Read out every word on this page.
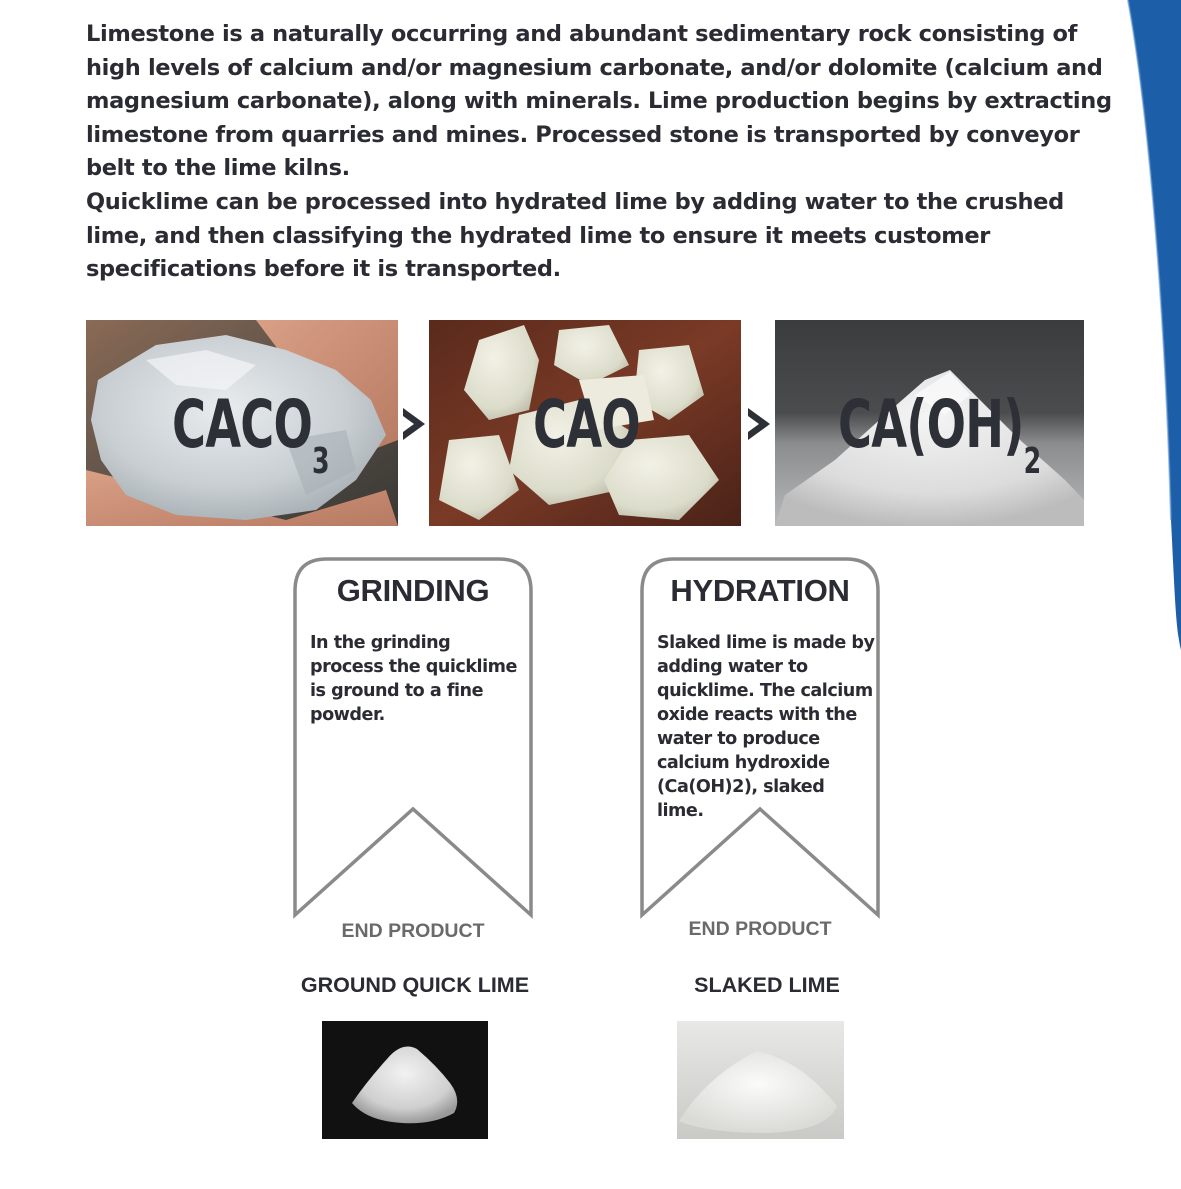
Limestone is a naturally occurring and abundant sedimentary rock consisting of high levels of calcium and/or magnesium carbonate, and/or dolomite (calcium and magnesium carbonate), along with minerals. Lime production begins by extracting limestone from quarries and mines. Processed stone is transported by conveyor belt to the lime kilns.

Quicklime can be processed into hydrated lime by adding water to the crushed lime, and then classifying the hydrated lime to ensure it meets customer specifications before it is transported.

$CACO_3$	CAO	$CA(OH)_2$
GRINDING
In the grinding process the quicklime is ground to a fine powder.
END PRODUCT
GROUND QUICK LIME
HYDRATION
Slaked lime is made by adding water to quicklime. The calcium oxide reacts with the water to produce calcium hydroxide (Ca(OH)2), slaked lime.
END PRODUCT
SLAKED LIME
